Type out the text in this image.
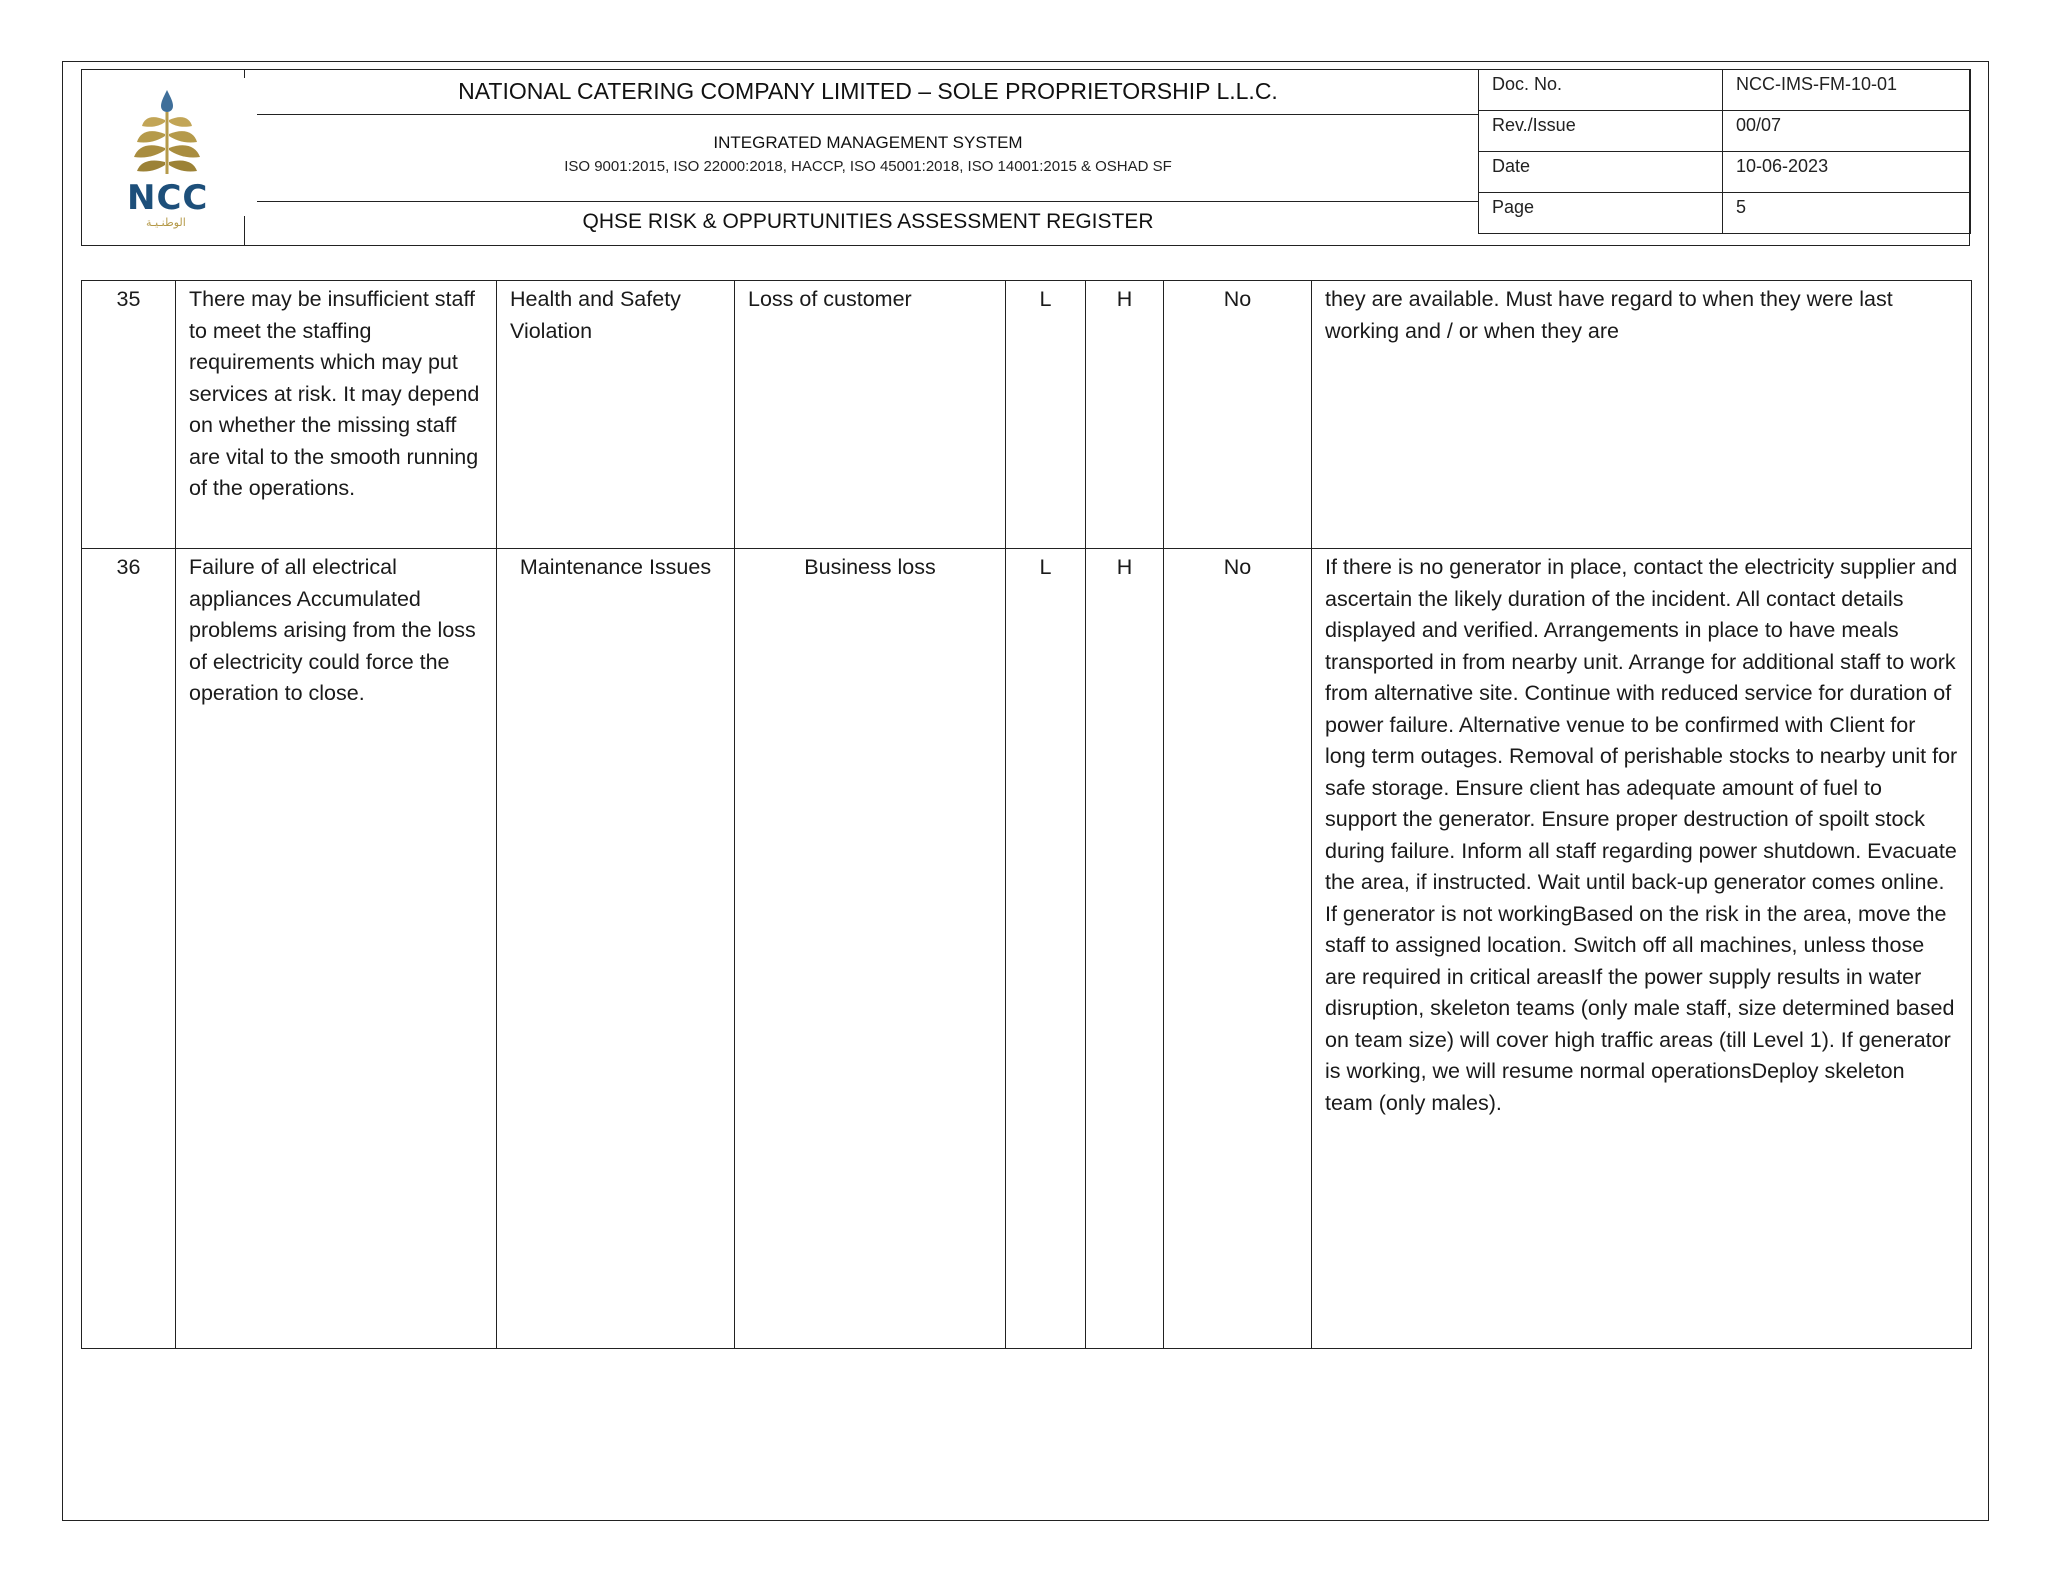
NCC
الوطنـيـة
NATIONAL CATERING COMPANY LIMITED – SOLE PROPRIETORSHIP L.L.C.
INTEGRATED MANAGEMENT SYSTEM
ISO 9001:2015, ISO 22000:2018, HACCP, ISO 45001:2018, ISO 14001:2015 & OSHAD SF
QHSE RISK & OPPURTUNITIES ASSESSMENT REGISTER
Doc. No.	NCC-IMS-FM-10-01
Rev./Issue	00/07
Date	10-06-2023
Page	5
35	There may be insufficient staff to meet the staffing requirements which may put services at risk. It may depend on whether the missing staff are vital to the smooth running of the operations.	Health and Safety Violation	Loss of customer	L	H	No	they are available. Must have regard to when they were last working and / or when they are
36	Failure of all electrical appliances Accumulated problems arising from the loss of electricity could force the operation to close.	Maintenance Issues	Business loss	L	H	No	If there is no generator in place, contact the electricity supplier and ascertain the likely duration of the incident. All contact details displayed and verified. Arrangements in place to have meals transported in from nearby unit. Arrange for additional staff to work from alternative site. Continue with reduced service for duration of power failure. Alternative venue to be confirmed with Client for long term outages. Removal of perishable stocks to nearby unit for safe storage. Ensure client has adequate amount of fuel to support the generator. Ensure proper destruction of spoilt stock during failure. Inform all staff regarding power shutdown. Evacuate the area, if instructed. Wait until back-up generator comes online. If generator is not workingBased on the risk in the area, move the staff to assigned location. Switch off all machines, unless those are required in critical areasIf the power supply results in water disruption, skeleton teams (only male staff, size determined based on team size) will cover high traffic areas (till Level 1). If generator is working, we will resume normal operationsDeploy skeleton team (only males).
